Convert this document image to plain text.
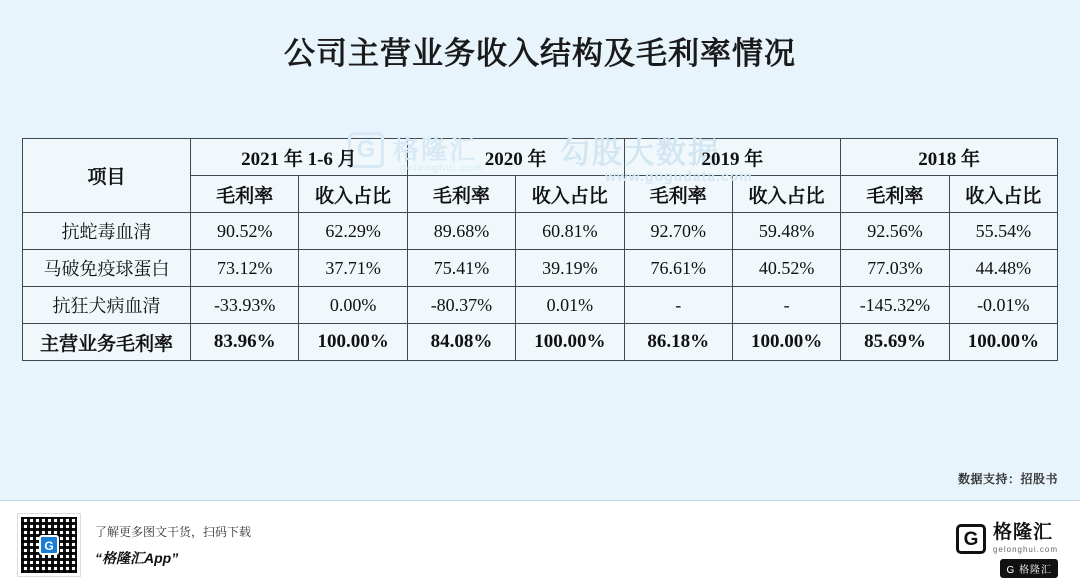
公司主营业务收入结构及毛利率情况
G 格隆汇
gelonghui.com	勾股大数据
www.gogudata.com
项目	2021 年 1-6 月		2020 年		2019 年		2018 年	
	毛利率	收入占比	毛利率	收入占比	毛利率	收入占比	毛利率	收入占比
抗蛇毒血清	90.52%	62.29%	89.68%	60.81%	92.70%	59.48%	92.56%	55.54%
马破免疫球蛋白	73.12%	37.71%	75.41%	39.19%	76.61%	40.52%	77.03%	44.48%
抗狂犬病血清	-33.93%	0.00%	-80.37%	0.01%	-	-	-145.32%	-0.01%
主营业务毛利率	83.96%	100.00%	84.08%	100.00%	86.18%	100.00%	85.69%	100.00%
数据支持：招股书
G
了解更多图文干货，扫码下载
“格隆汇App”
G 格隆汇
gelonghui.com
G 格隆汇
